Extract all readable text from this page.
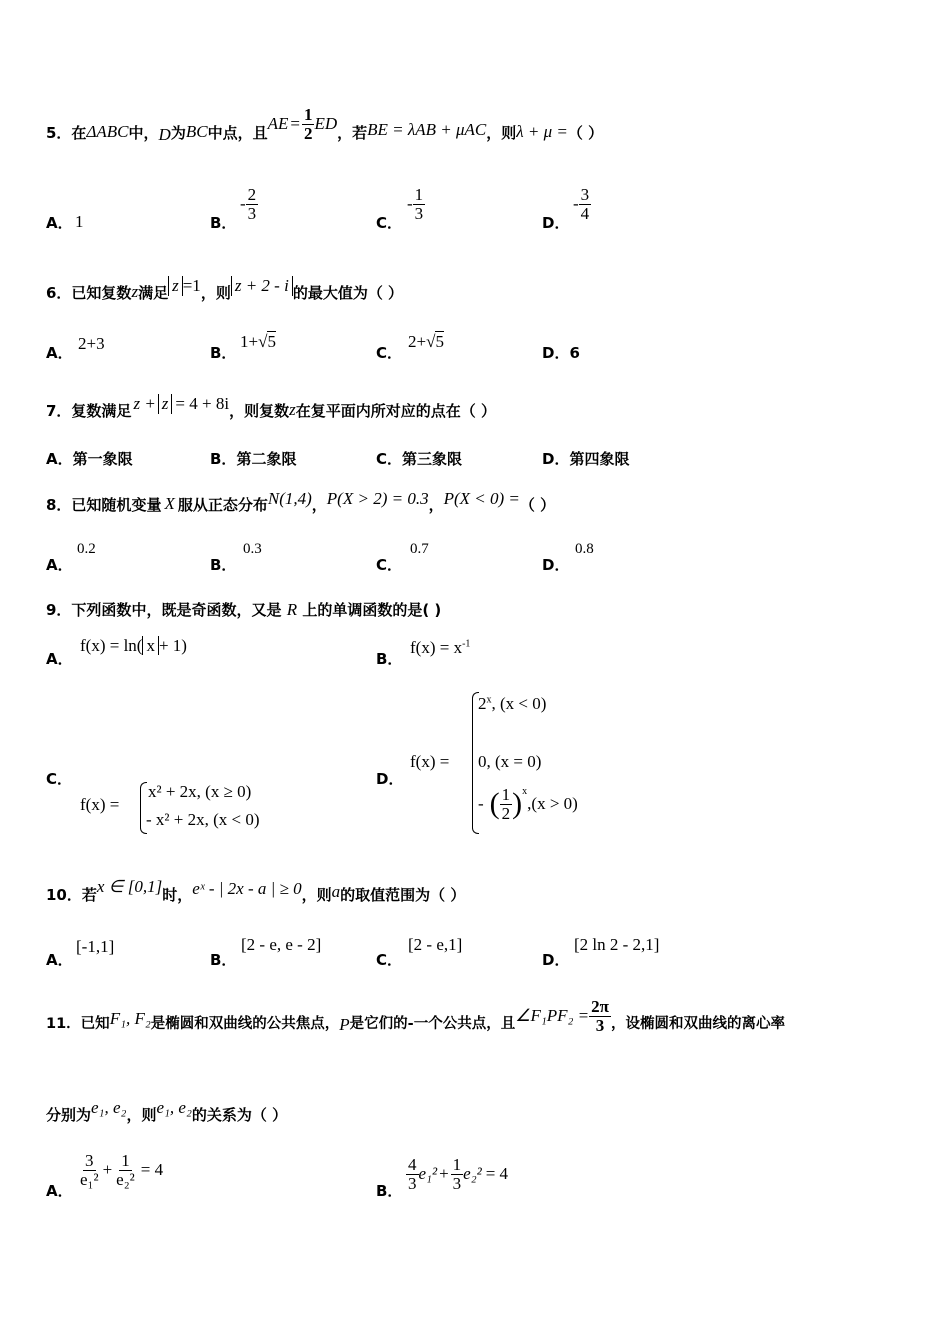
5．在 ΔABC 中， D 为 BC 中点，且 AE = $\frac{1}{2}$ ED ，若 BE = λAB + μAC ，则 λ + μ = （ ）
A． 1	B．
- $\frac{2}{3}$
C．
- $\frac{1}{3}$
D．
- $\frac{3}{4}$
6．已知复数 z 满足 z =1 ，则 z + 2 - i 的最大值为（ ）
A． 2+3	B．
1+√5
C．
2+√5
D．6
7．复数满足 z + z = 4 + 8i ，则复数 z 在复平面内所对应的点在（ ）
A．第一象限	B．第二象限	C．第三象限	D．第四象限
8．已知随机变量 X 服从正态分布 N(1,4) ， P(X > 2) = 0.3 ， P(X < 0) = （ ）
A．
0.2
B．
0.3
C．
0.7
D．
0.8
9．下列函数中，既是奇函数，又是 R 上的单调函数的是( )
A．
f(x) = ln( x + 1)
B．
$f(x) = x^{-1}$
C．
f(x) =
x² + 2x, (x ≥ 0)
- x² + 2x, (x < 0)
D．
f(x) =
$2^x$, (x < 0)
0, (x = 0)
- ( $\frac{1}{2} )^x$
,(x > 0)
10．若 x ∈ [0,1] 时， eˣ - | 2x - a | ≥ 0 ，则 a 的取值范围为（ ）
A．
[-1,1]
B．
[2 - e, e - 2]
C．
[2 - e,1]
D．
[2 ln 2 - 2,1]
11．已知 F₁, F₂ 是椭圆和双曲线的公共焦点， P 是它们的-一个公共点，且 ∠F₁PF₂ = $\frac{2\pi}{3}$ ，设椭圆和双曲线的离心率
分别为 e₁, e₂ ，则 e₁, e₂ 的关系为（ ）
A．
$\frac{3}{\text{e₁²}} + \frac{1}{\text{e₂²}} = 4$
B． $\frac{4}{3} e_1^2 + \frac{1}{3} e_2^2 = 4$
